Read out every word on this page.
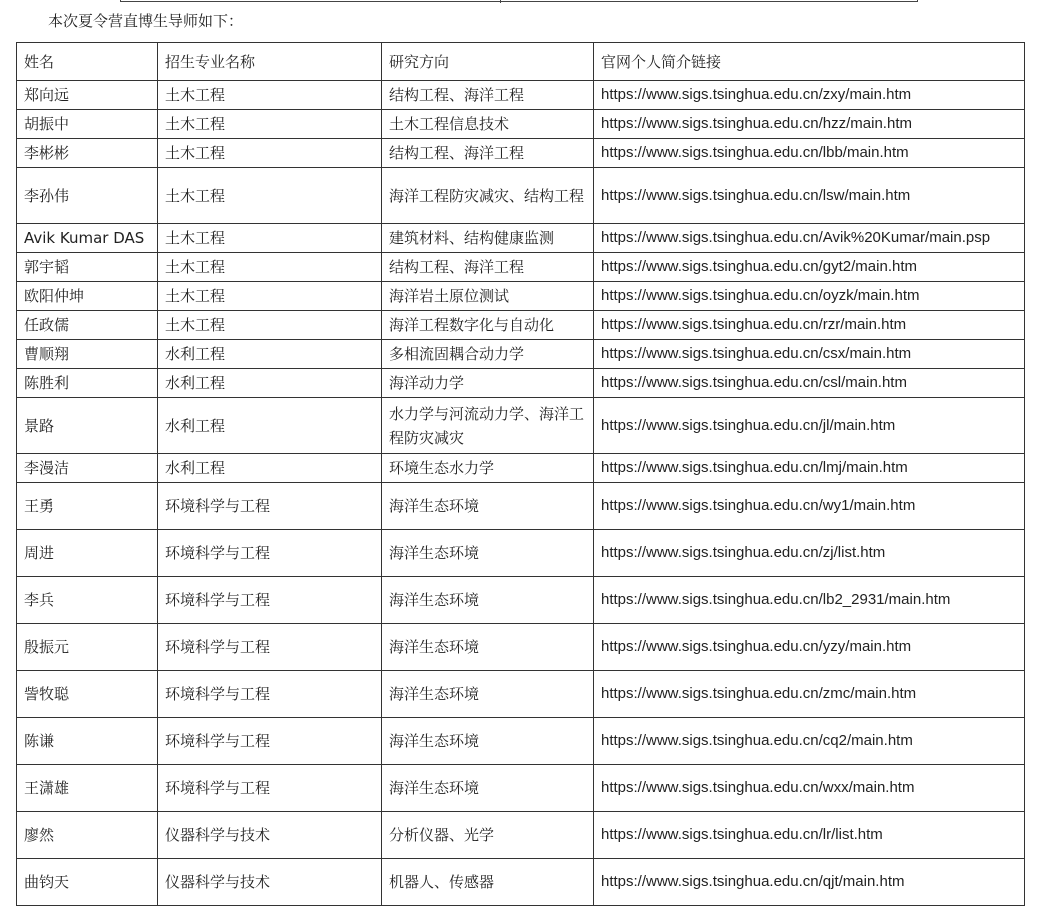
本次夏令营直博生导师如下：
姓名	招生专业名称	研究方向	官网个人简介链接
郑向远	土木工程	结构工程、海洋工程	https://www.sigs.tsinghua.edu.cn/zxy/main.htm
胡振中	土木工程	土木工程信息技术	https://www.sigs.tsinghua.edu.cn/hzz/main.htm
李彬彬	土木工程	结构工程、海洋工程	https://www.sigs.tsinghua.edu.cn/lbb/main.htm
李孙伟	土木工程	海洋工程防灾减灾、结构工程	https://www.sigs.tsinghua.edu.cn/lsw/main.htm
Avik Kumar DAS	土木工程	建筑材料、结构健康监测	https://www.sigs.tsinghua.edu.cn/Avik%20Kumar/main.psp
郭宇韬	土木工程	结构工程、海洋工程	https://www.sigs.tsinghua.edu.cn/gyt2/main.htm
欧阳仲坤	土木工程	海洋岩土原位测试	https://www.sigs.tsinghua.edu.cn/oyzk/main.htm
任政儒	土木工程	海洋工程数字化与自动化	https://www.sigs.tsinghua.edu.cn/rzr/main.htm
曹顺翔	水利工程	多相流固耦合动力学	https://www.sigs.tsinghua.edu.cn/csx/main.htm
陈胜利	水利工程	海洋动力学	https://www.sigs.tsinghua.edu.cn/csl/main.htm
景路	水利工程	水力学与河流动力学、海洋工程防灾减灾	https://www.sigs.tsinghua.edu.cn/jl/main.htm
李漫洁	水利工程	环境生态水力学	https://www.sigs.tsinghua.edu.cn/lmj/main.htm
王勇	环境科学与工程	海洋生态环境	https://www.sigs.tsinghua.edu.cn/wy1/main.htm
周进	环境科学与工程	海洋生态环境	https://www.sigs.tsinghua.edu.cn/zj/list.htm
李兵	环境科学与工程	海洋生态环境	https://www.sigs.tsinghua.edu.cn/lb2_2931/main.htm
殷振元	环境科学与工程	海洋生态环境	https://www.sigs.tsinghua.edu.cn/yzy/main.htm
訾牧聪	环境科学与工程	海洋生态环境	https://www.sigs.tsinghua.edu.cn/zmc/main.htm
陈谦	环境科学与工程	海洋生态环境	https://www.sigs.tsinghua.edu.cn/cq2/main.htm
王潇雄	环境科学与工程	海洋生态环境	https://www.sigs.tsinghua.edu.cn/wxx/main.htm
廖然	仪器科学与技术	分析仪器、光学	https://www.sigs.tsinghua.edu.cn/lr/list.htm
曲钧天	仪器科学与技术	机器人、传感器	https://www.sigs.tsinghua.edu.cn/qjt/main.htm
